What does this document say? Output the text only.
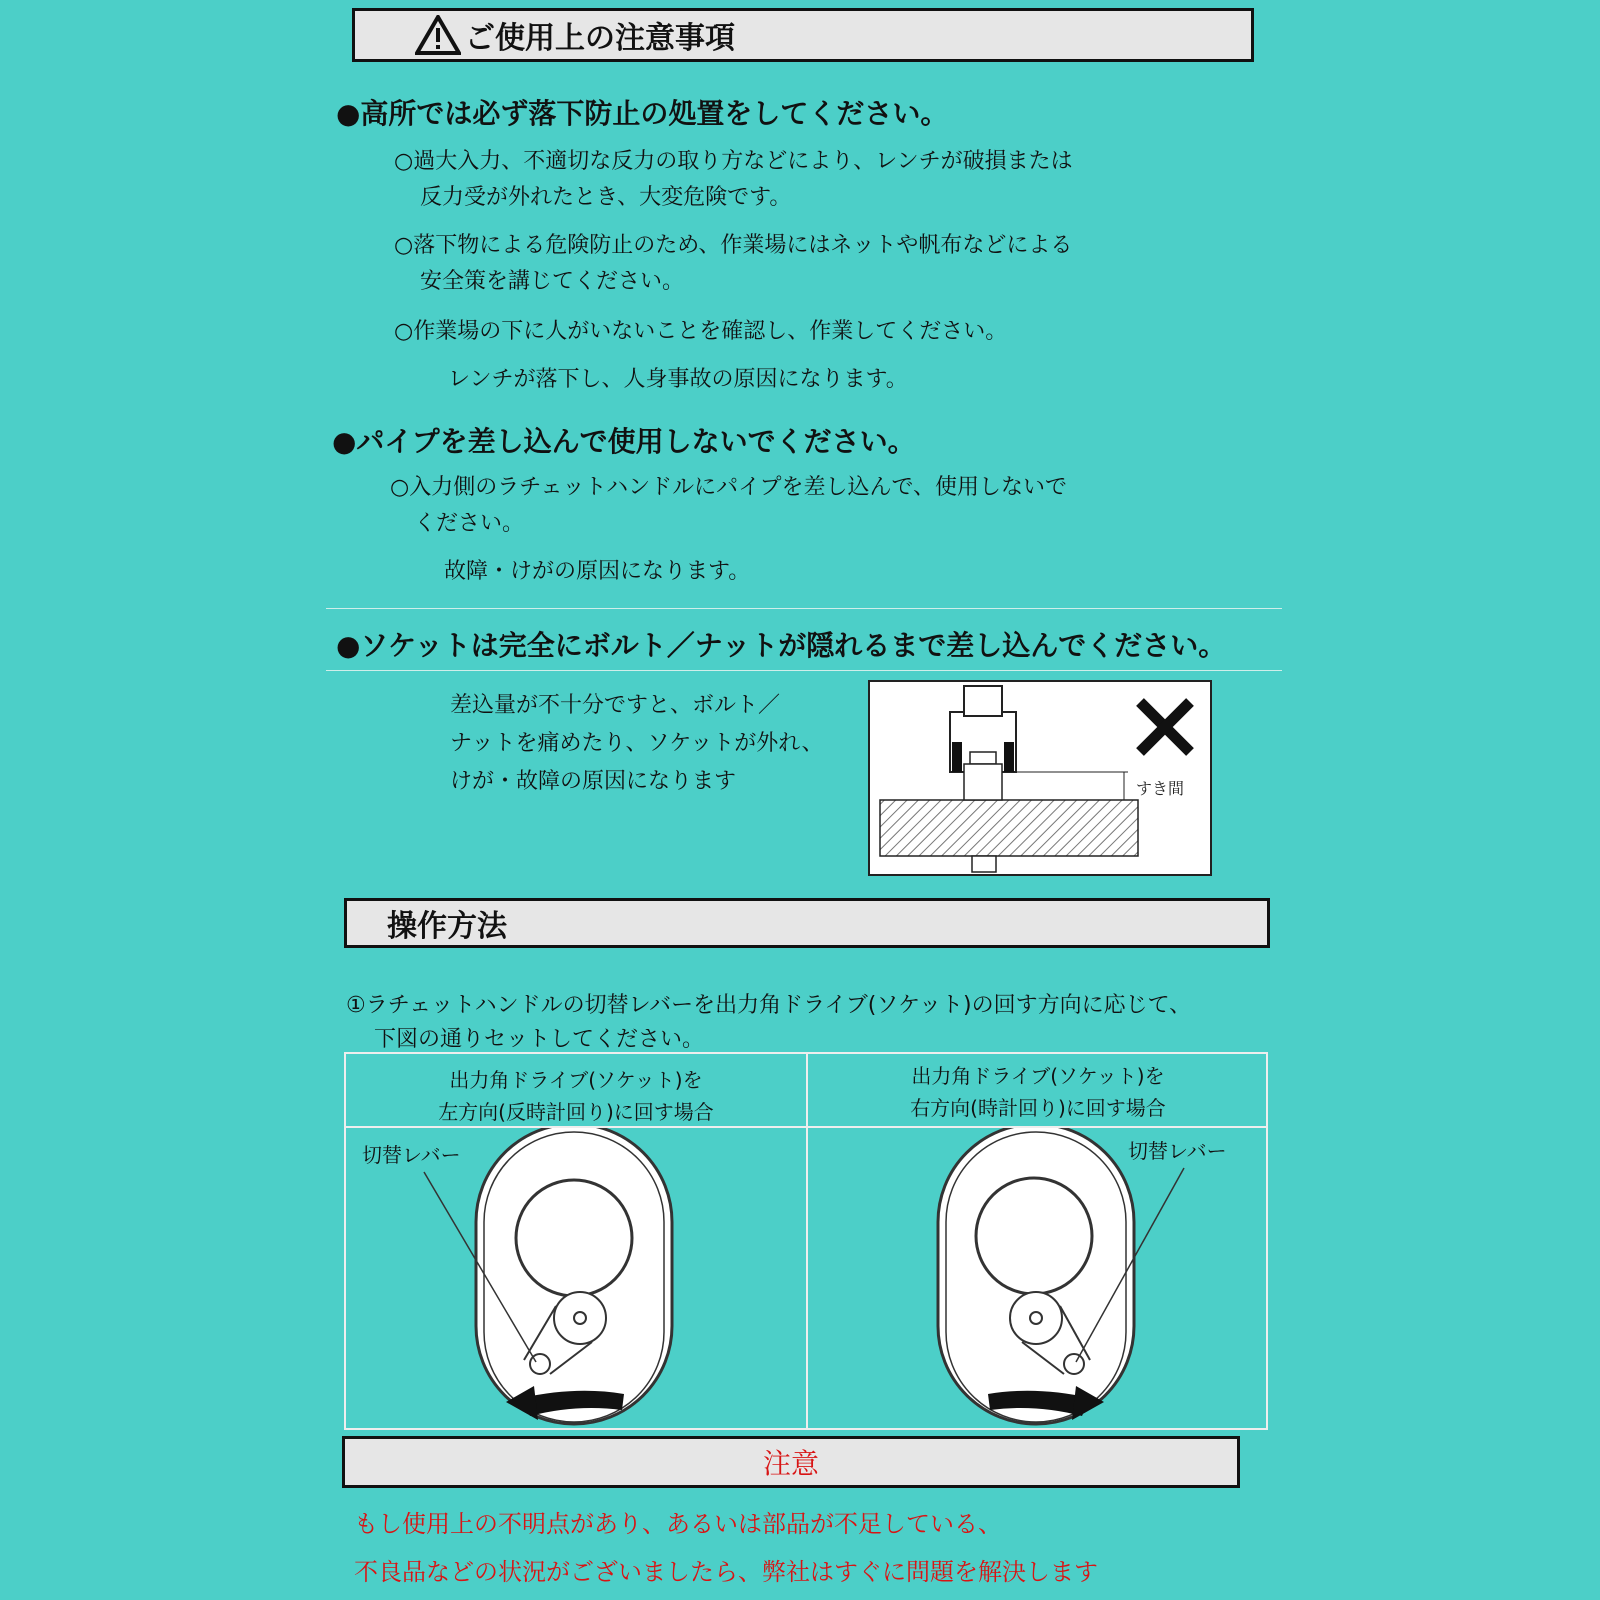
ご使用上の注意事項
●高所では必ず落下防止の処置をしてください。
○過大入力、不適切な反力の取り方などにより、レンチが破損または
反力受が外れたとき、大変危険です。
○落下物による危険防止のため、作業場にはネットや帆布などによる
安全策を講じてください。
○作業場の下に人がいないことを確認し、作業してください。
レンチが落下し、人身事故の原因になります。
●パイプを差し込んで使用しないでください。
○入力側のラチェットハンドルにパイプを差し込んで、使用しないで
ください。
故障・けがの原因になります。
●ソケットは完全にボルト／ナットが隠れるまで差し込んでください。
差込量が不十分ですと、ボルト／
ナットを痛めたり、ソケットが外れ、
けが・故障の原因になります	すき間
操作方法
①ラチェットハンドルの切替レバーを出力角ドライブ(ソケット)の回す方向に応じて、
下図の通りセットしてください。
出力角ドライブ(ソケット)を
左方向(反時計回り)に回す場合
出力角ドライブ(ソケット)を
右方向(時計回り)に回す場合
切替レバー	切替レバー
注意
もし使用上の不明点があり、あるいは部品が不足している、
不良品などの状況がございましたら、弊社はすぐに問題を解決します
